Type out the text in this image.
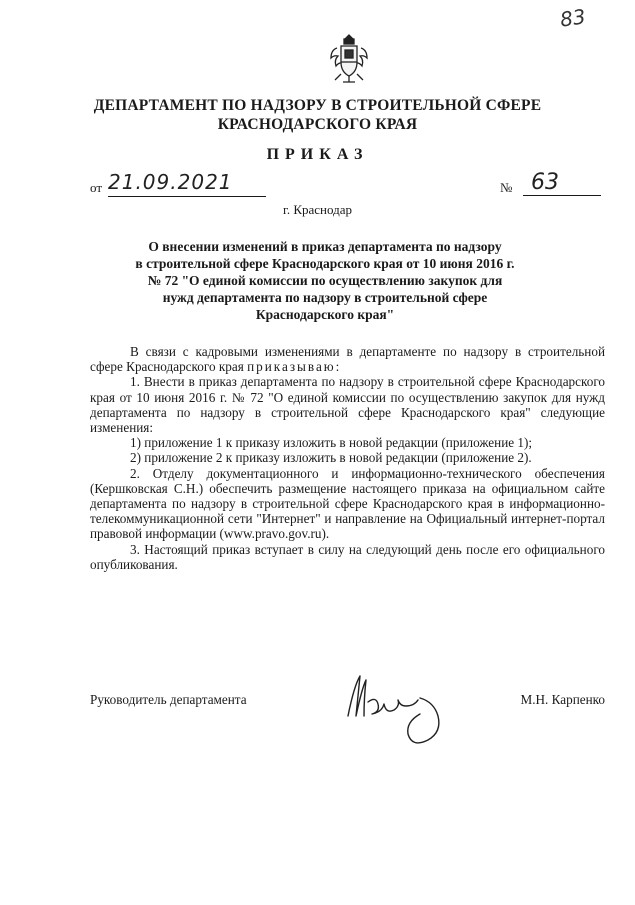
83
ДЕПАРТАМЕНТ ПО НАДЗОРУ В СТРОИТЕЛЬНОЙ СФЕРЕ
КРАСНОДАРСКОГО КРАЯ
ПРИКАЗ
от 21.09.2021	№ 63
г. Краснодар
О внесении изменений в приказ департамента по надзору
в строительной сфере Краснодарского края от 10 июня 2016 г.
№ 72 "О единой комиссии по осуществлению закупок для
нужд департамента по надзору в строительной сфере
Краснодарского края"

В связи с кадровыми изменениями в департаменте по надзору в строительной сфере Краснодарского края приказываю:

1. Внести в приказ департамента по надзору в строительной сфере Краснодарского края от 10 июня 2016 г. № 72 "О единой комиссии по осуществлению закупок для нужд департамента по надзору в строительной сфере Краснодарского края" следующие изменения:

1) приложение 1 к приказу изложить в новой редакции (приложение 1);

2) приложение 2 к приказу изложить в новой редакции (приложение 2).

2. Отделу документационного и информационно-технического обеспечения (Кершковская С.Н.) обеспечить размещение настоящего приказа на официальном сайте департамента по надзору в строительной сфере Краснодарского края в информационно-телекоммуникационной сети "Интернет" и направление на Официальный интернет-портал правовой информации (www.pravo.gov.ru).

3. Настоящий приказ вступает в силу на следующий день после его официального опубликования.

Руководитель департамента	М.Н. Карпенко
